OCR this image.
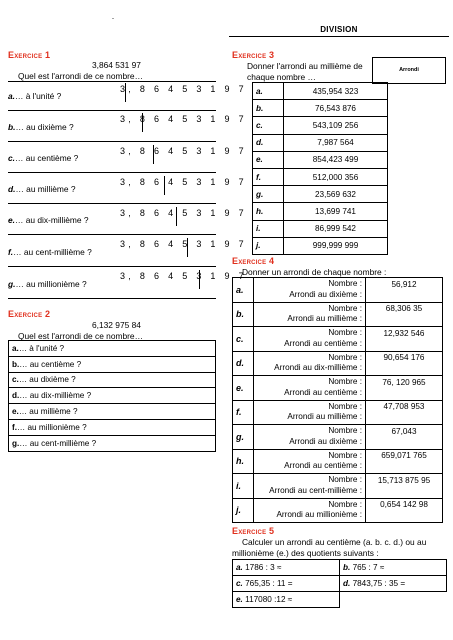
-
DIVISION
Exercice 1
3,864 531 97
Quel est l'arrondi de ce nombre…
a.… à l'unité ?
3, 8 6 4 5 3 1 9 7
b.… au dixième ?
3, 8 6 4 5 3 1 9 7
c.… au centième ?
3, 8 6 4 5 3 1 9 7
d.… au millième ?
3, 8 6 4 5 3 1 9 7
e.… au dix-millième ?
3, 8 6 4 5 3 1 9 7
f.… au cent-millième ?
3, 8 6 4 5 3 1 9 7
g.… au millionième ?
3, 8 6 4 5 3 1 9 7
Exercice 2
6,132 975 84
Quel est l'arrondi de ce nombre…
a.… à l'unité ?
b.… au centième ?
c.… au dixième ?
d.… au dix-millième ?
e.… au millième ?
f.… au millionième ?
g.… au cent-millième ?
Exercice 3
Donner l'arrondi au millième de
chaque nombre …
Arrondi
a.	435,954 323
b.	76,543 876
c.	543,109 256
d.	7,987 564
e.	854,423 499
f.	512,000 356
g.	23,569 632
h.	13,699 741
i.	86,999 542
j.	999,999 999
Exercice 4
Donner un arrondi de chaque nombre :
a.	Nombre :
Arrondi au dixième :	56,912

b.	Nombre :
Arrondi au millième :	68,306 35

c.	Nombre :
Arrondi au centième :	12,932 546

d.	Nombre :
Arrondi au dix-millième :	90,654 176

e.	Nombre :
Arrondi au centième :	76, 120 965

f.	Nombre :
Arrondi au millième :	47,708 953

g.	Nombre :
Arrondi au dixième :	67,043

h.	Nombre :
Arrondi au centième :	659,071 765

i.	Nombre :
Arrondi au cent-millième :	15,713 875 95

j.	Nombre :
Arrondi au millionième :	0,654 142 98
Exercice 5
Calculer un arrondi au centième (a. b. c. d.) ou au
millionième (e.) des quotients suivants :
a. 1786 : 3 ≈	b. 765 : 7 ≈
c. 765,35 : 11 =	d. 7843,75 : 35 =
e. 117080 :12 ≈	
